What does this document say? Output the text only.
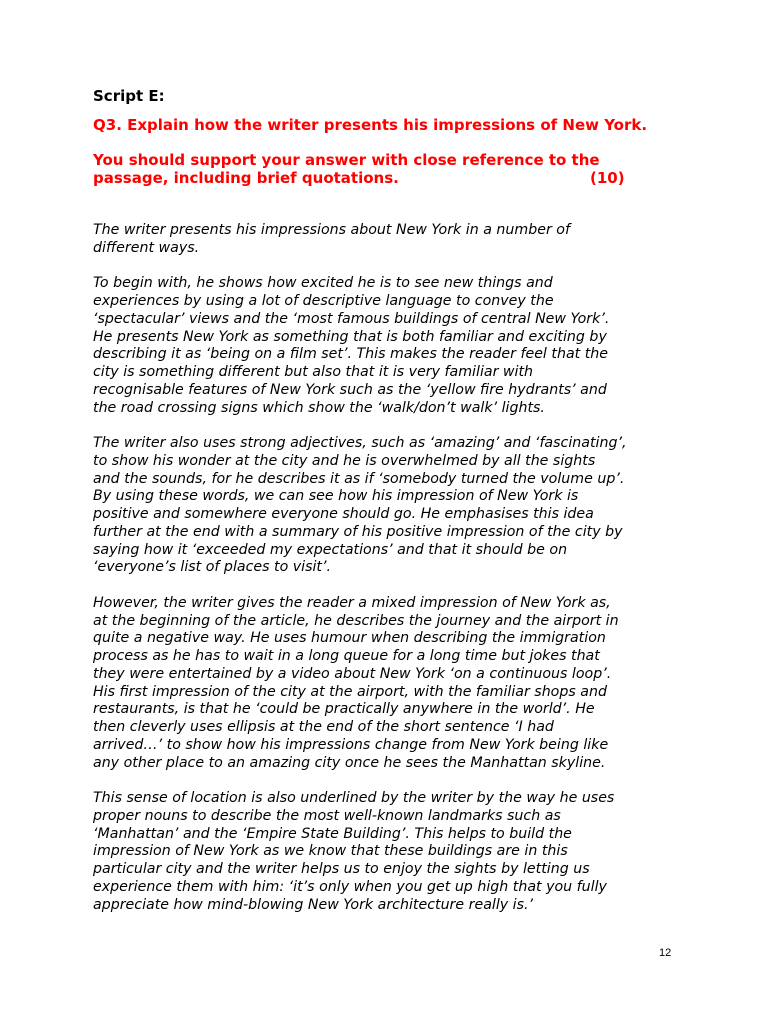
Script E:

Q3. Explain how the writer presents his impressions of New York.

You should support your answer with close reference to the
passage, including brief quotations.	(10)

The writer presents his impressions about New York in a number of
different ways.

To begin with, he shows how excited he is to see new things and
experiences by using a lot of descriptive language to convey the
‘spectacular’ views and the ‘most famous buildings of central New York’.
He presents New York as something that is both familiar and exciting by
describing it as ‘being on a film set’. This makes the reader feel that the
city is something different but also that it is very familiar with
recognisable features of New York such as the ‘yellow fire hydrants’ and
the road crossing signs which show the ‘walk/don’t walk’ lights.

The writer also uses strong adjectives, such as ‘amazing’ and ‘fascinating’,
to show his wonder at the city and he is overwhelmed by all the sights
and the sounds, for he describes it as if ‘somebody turned the volume up’.
By using these words, we can see how his impression of New York is
positive and somewhere everyone should go. He emphasises this idea
further at the end with a summary of his positive impression of the city by
saying how it ‘exceeded my expectations’ and that it should be on
‘everyone’s list of places to visit’.

However, the writer gives the reader a mixed impression of New York as,
at the beginning of the article, he describes the journey and the airport in
quite a negative way. He uses humour when describing the immigration
process as he has to wait in a long queue for a long time but jokes that
they were entertained by a video about New York ‘on a continuous loop’.
His first impression of the city at the airport, with the familiar shops and
restaurants, is that he ‘could be practically anywhere in the world’. He
then cleverly uses ellipsis at the end of the short sentence ‘I had
arrived…’ to show how his impressions change from New York being like
any other place to an amazing city once he sees the Manhattan skyline.

This sense of location is also underlined by the writer by the way he uses
proper nouns to describe the most well-known landmarks such as
‘Manhattan’ and the ‘Empire State Building’. This helps to build the
impression of New York as we know that these buildings are in this
particular city and the writer helps us to enjoy the sights by letting us
experience them with him: ‘it’s only when you get up high that you fully
appreciate how mind-blowing New York architecture really is.’

12
